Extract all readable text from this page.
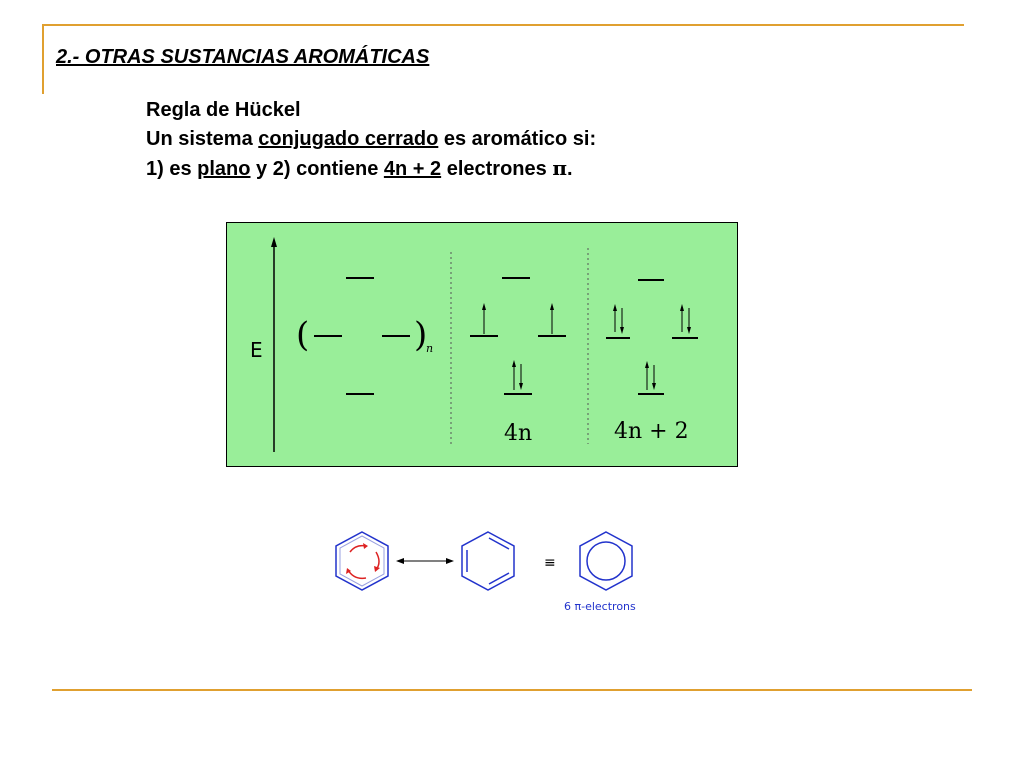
2.- OTRAS SUSTANCIAS AROMÁTICAS
Regla de Hückel
Un sistema conjugado cerrado es aromático si:
1) es plano y 2) contiene 4n + 2 electrones π.
E (	)
n
4n	4n + 2
≡
6 π-electrons
